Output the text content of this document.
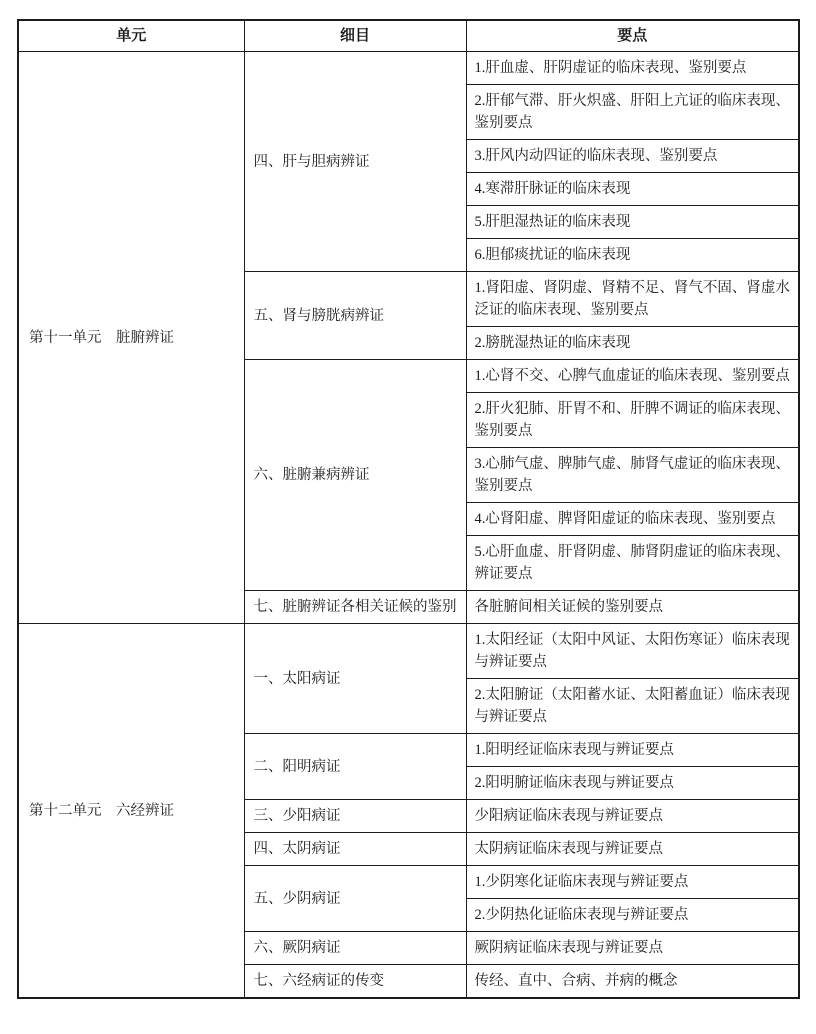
单元	细目	要点
第十一单元　脏腑辨证	四、肝与胆病辨证	1.肝血虚、肝阴虚证的临床表现、鉴别要点
		2.肝郁气滞、肝火炽盛、肝阳上亢证的临床表现、鉴别要点
		3.肝风内动四证的临床表现、鉴别要点
		4.寒滞肝脉证的临床表现
		5.肝胆湿热证的临床表现
		6.胆郁痰扰证的临床表现
	五、肾与膀胱病辨证	1.肾阳虚、肾阴虚、肾精不足、肾气不固、肾虚水泛证的临床表现、鉴别要点
		2.膀胱湿热证的临床表现
	六、脏腑兼病辨证	1.心肾不交、心脾气血虚证的临床表现、鉴别要点
		2.肝火犯肺、肝胃不和、肝脾不调证的临床表现、鉴别要点
		3.心肺气虚、脾肺气虚、肺肾气虚证的临床表现、鉴别要点
		4.心肾阳虚、脾肾阳虚证的临床表现、鉴别要点
		5.心肝血虚、肝肾阴虚、肺肾阴虚证的临床表现、辨证要点
	七、脏腑辨证各相关证候的鉴别	各脏腑间相关证候的鉴别要点
第十二单元　六经辨证	一、太阳病证	1.太阳经证（太阳中风证、太阳伤寒证）临床表现与辨证要点
		2.太阳腑证（太阳蓄水证、太阳蓄血证）临床表现与辨证要点
	二、阳明病证	1.阳明经证临床表现与辨证要点
		2.阳明腑证临床表现与辨证要点
	三、少阳病证	少阳病证临床表现与辨证要点
	四、太阴病证	太阴病证临床表现与辨证要点
	五、少阴病证	1.少阴寒化证临床表现与辨证要点
		2.少阴热化证临床表现与辨证要点
	六、厥阴病证	厥阴病证临床表现与辨证要点
	七、六经病证的传变	传经、直中、合病、并病的概念
